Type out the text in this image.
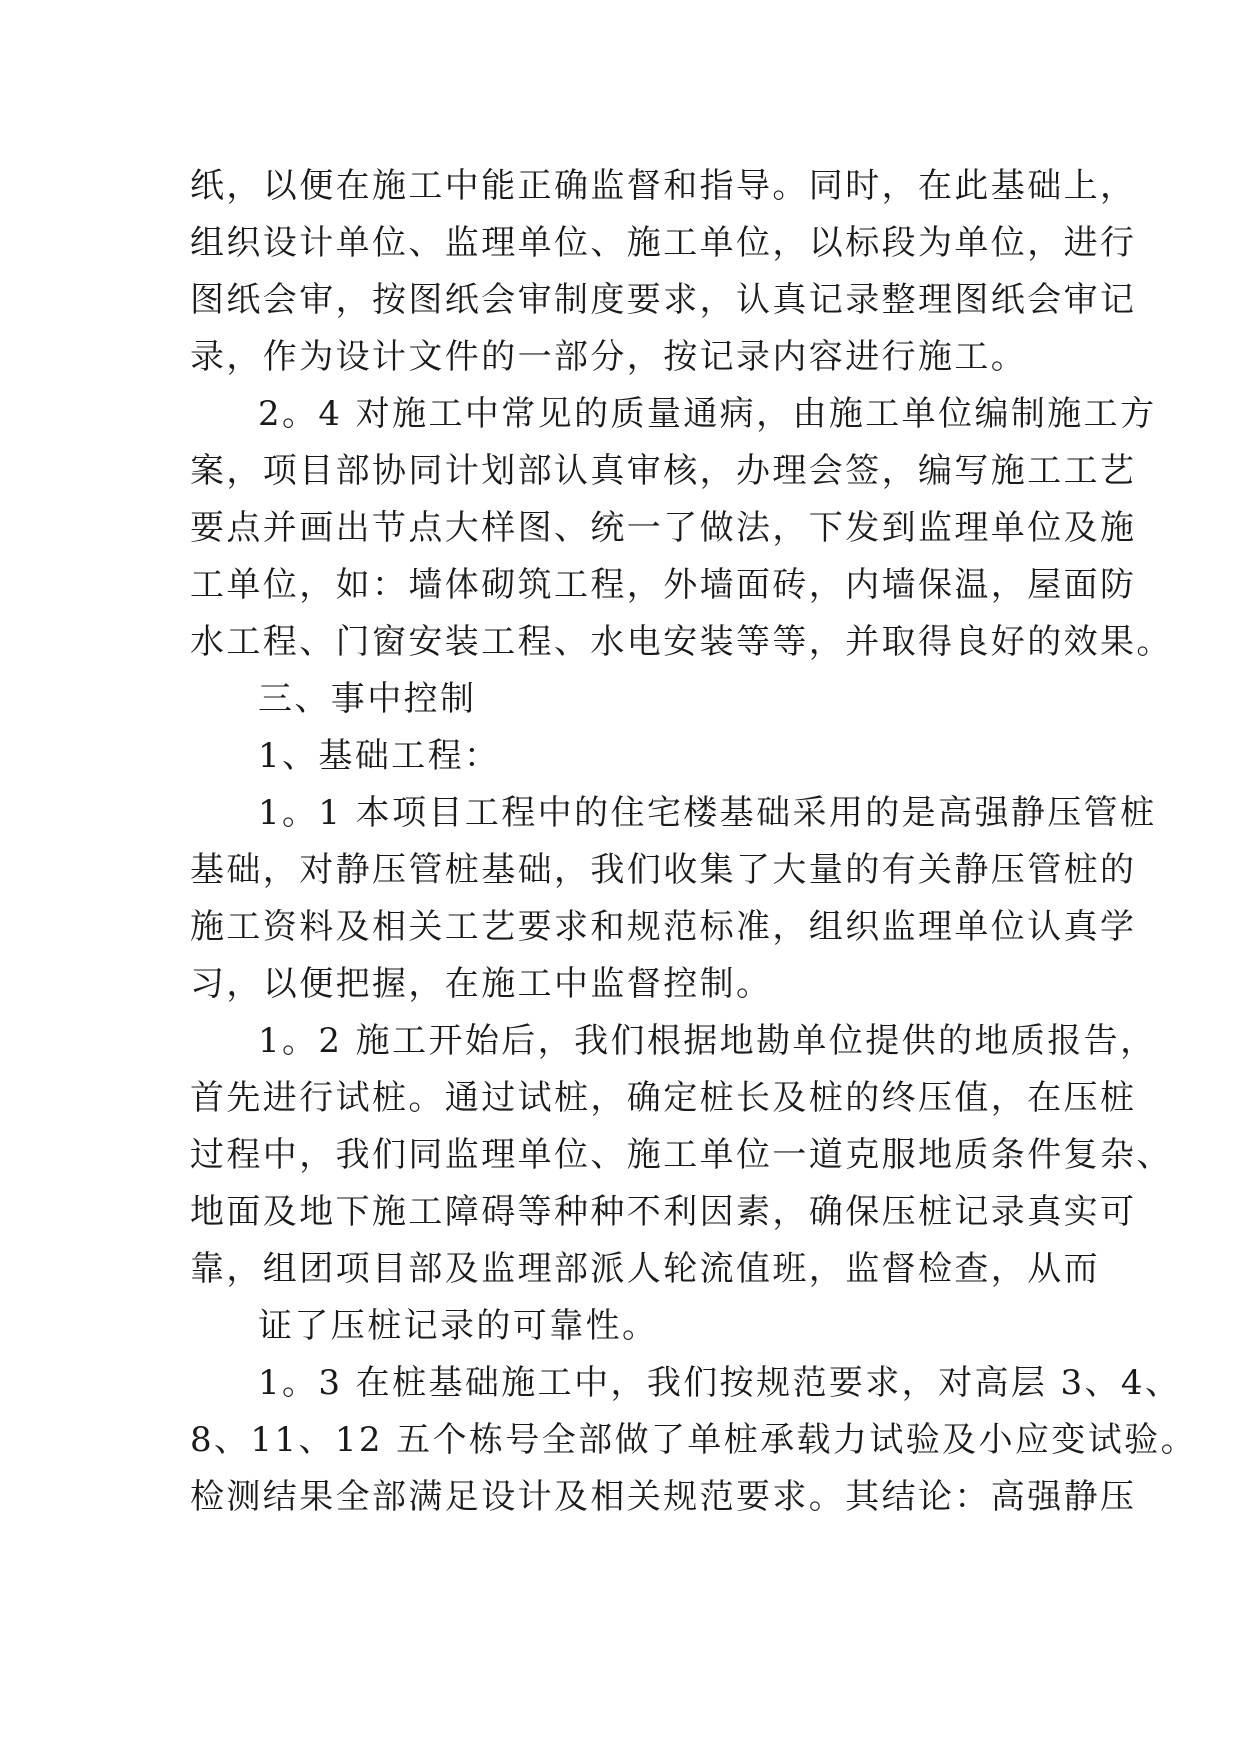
纸，以便在施工中能正确监督和指导。同时，在此基础上，
组织设计单位、监理单位、施工单位，以标段为单位，进行
图纸会审，按图纸会审制度要求，认真记录整理图纸会审记
录，作为设计文件的一部分，按记录内容进行施工。
2。4 对施工中常见的质量通病，由施工单位编制施工方
案，项目部协同计划部认真审核，办理会签，编写施工工艺
要点并画出节点大样图、统一了做法，下发到监理单位及施
工单位，如：墙体砌筑工程，外墙面砖，内墙保温，屋面防
水工程、门窗安装工程、水电安装等等，并取得良好的效果。
三、事中控制
1、基础工程：
1。1 本项目工程中的住宅楼基础采用的是高强静压管桩
基础，对静压管桩基础，我们收集了大量的有关静压管桩的
施工资料及相关工艺要求和规范标准，组织监理单位认真学
习，以便把握，在施工中监督控制。
1。2 施工开始后，我们根据地勘单位提供的地质报告，
首先进行试桩。通过试桩，确定桩长及桩的终压值，在压桩
过程中，我们同监理单位、施工单位一道克服地质条件复杂、
地面及地下施工障碍等种种不利因素，确保压桩记录真实可
靠，组团项目部及监理部派人轮流值班，监督检查，从而
证了压桩记录的可靠性。
1。3 在桩基础施工中，我们按规范要求，对高层 3、4、
8、11、12 五个栋号全部做了单桩承载力试验及小应变试验。
检测结果全部满足设计及相关规范要求。其结论：高强静压
